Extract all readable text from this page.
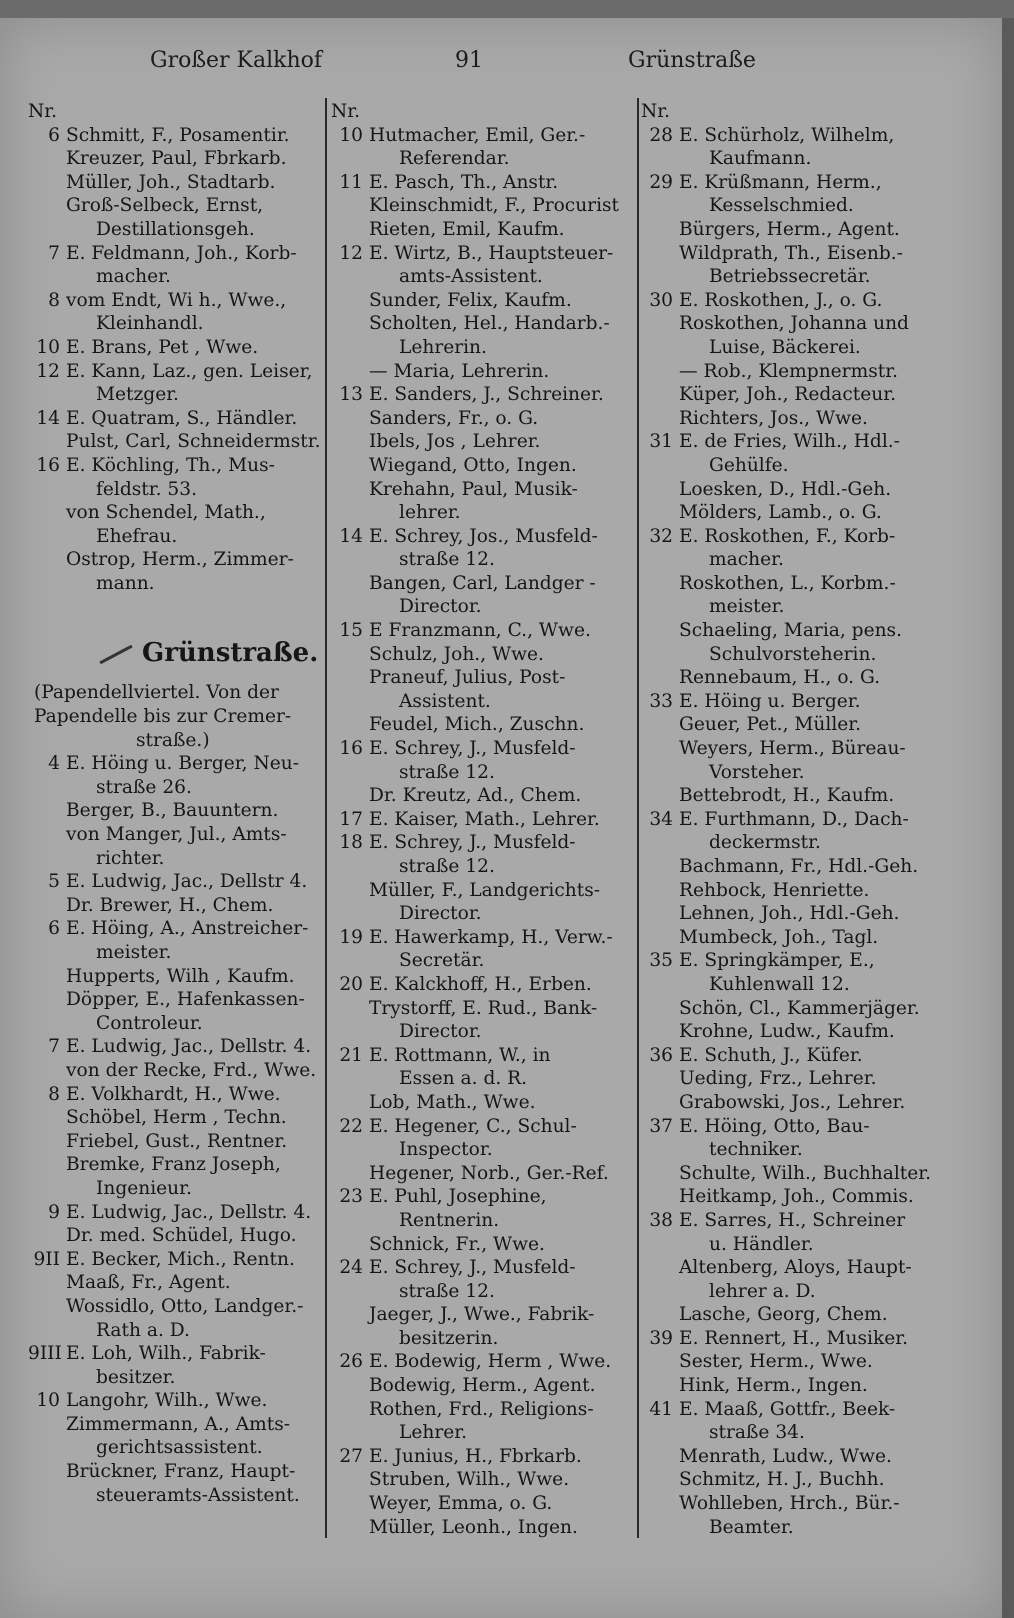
Großer Kalkhof	91	Grünstraße
Nr.
6 Schmitt, F., Posamentir.
Kreuzer, Paul, Fbrkarb.
Müller, Joh., Stadtarb.
Groß-Selbeck, Ernst,
Destillationsgeh.
7 E. Feldmann, Joh., Korb-
macher.
8 vom Endt, Wi h., Wwe.,
Kleinhandl.
10 E. Brans, Pet , Wwe.
12 E. Kann, Laz., gen. Leiser,
Metzger.
14 E. Quatram, S., Händler.
Pulst, Carl, Schneidermstr.
16 E. Köchling, Th., Mus-
feldstr. 53.
von Schendel, Math.,
Ehefrau.
Ostrop, Herm., Zimmer-
mann.
Grünstraße.
(Papendellviertel. Von der
Papendelle bis zur Cremer-
straße.)
4 E. Höing u. Berger, Neu-
straße 26.
Berger, B., Bauuntern.
von Manger, Jul., Amts-
richter.
5 E. Ludwig, Jac., Dellstr 4.
Dr. Brewer, H., Chem.
6 E. Höing, A., Anstreicher-
meister.
Hupperts, Wilh , Kaufm.
Döpper, E., Hafenkassen-
Controleur.
7 E. Ludwig, Jac., Dellstr. 4.
von der Recke, Frd., Wwe.
8 E. Volkhardt, H., Wwe.
Schöbel, Herm , Techn.
Friebel, Gust., Rentner.
Bremke, Franz Joseph,
Ingenieur.
9 E. Ludwig, Jac., Dellstr. 4.
Dr. med. Schüdel, Hugo.
9II E. Becker, Mich., Rentn.
Maaß, Fr., Agent.
Wossidlo, Otto, Landger.-
Rath a. D.
9III E. Loh, Wilh., Fabrik-
besitzer.
10 Langohr, Wilh., Wwe.
Zimmermann, A., Amts-
gerichtsassistent.
Brückner, Franz, Haupt-
steueramts-Assistent.
Nr.
10 Hutmacher, Emil, Ger.-
Referendar.
11 E. Pasch, Th., Anstr.
Kleinschmidt, F., Procurist
Rieten, Emil, Kaufm.
12 E. Wirtz, B., Hauptsteuer-
amts-Assistent.
Sunder, Felix, Kaufm.
Scholten, Hel., Handarb.-
Lehrerin.
— Maria, Lehrerin.
13 E. Sanders, J., Schreiner.
Sanders, Fr., o. G.
Ibels, Jos , Lehrer.
Wiegand, Otto, Ingen.
Krehahn, Paul, Musik-
lehrer.
14 E. Schrey, Jos., Musfeld-
straße 12.
Bangen, Carl, Landger -
Director.
15 E Franzmann, C., Wwe.
Schulz, Joh., Wwe.
Praneuf, Julius, Post-
Assistent.
Feudel, Mich., Zuschn.
16 E. Schrey, J., Musfeld-
straße 12.
Dr. Kreutz, Ad., Chem.
17 E. Kaiser, Math., Lehrer.
18 E. Schrey, J., Musfeld-
straße 12.
Müller, F., Landgerichts-
Director.
19 E. Hawerkamp, H., Verw.-
Secretär.
20 E. Kalckhoff, H., Erben.
Trystorff, E. Rud., Bank-
Director.
21 E. Rottmann, W., in
Essen a. d. R.
Lob, Math., Wwe.
22 E. Hegener, C., Schul-
Inspector.
Hegener, Norb., Ger.-Ref.
23 E. Puhl, Josephine,
Rentnerin.
Schnick, Fr., Wwe.
24 E. Schrey, J., Musfeld-
straße 12.
Jaeger, J., Wwe., Fabrik-
besitzerin.
26 E. Bodewig, Herm , Wwe.
Bodewig, Herm., Agent.
Rothen, Frd., Religions-
Lehrer.
27 E. Junius, H., Fbrkarb.
Struben, Wilh., Wwe.
Weyer, Emma, o. G.
Müller, Leonh., Ingen.
Nr.
28 E. Schürholz, Wilhelm,
Kaufmann.
29 E. Krüßmann, Herm.,
Kesselschmied.
Bürgers, Herm., Agent.
Wildprath, Th., Eisenb.-
Betriebssecretär.
30 E. Roskothen, J., o. G.
Roskothen, Johanna und
Luise, Bäckerei.
— Rob., Klempnermstr.
Küper, Joh., Redacteur.
Richters, Jos., Wwe.
31 E. de Fries, Wilh., Hdl.-
Gehülfe.
Loesken, D., Hdl.-Geh.
Mölders, Lamb., o. G.
32 E. Roskothen, F., Korb-
macher.
Roskothen, L., Korbm.-
meister.
Schaeling, Maria, pens.
Schulvorsteherin.
Rennebaum, H., o. G.
33 E. Höing u. Berger.
Geuer, Pet., Müller.
Weyers, Herm., Büreau-
Vorsteher.
Bettebrodt, H., Kaufm.
34 E. Furthmann, D., Dach-
deckermstr.
Bachmann, Fr., Hdl.-Geh.
Rehbock, Henriette.
Lehnen, Joh., Hdl.-Geh.
Mumbeck, Joh., Tagl.
35 E. Springkämper, E.,
Kuhlenwall 12.
Schön, Cl., Kammerjäger.
Krohne, Ludw., Kaufm.
36 E. Schuth, J., Küfer.
Ueding, Frz., Lehrer.
Grabowski, Jos., Lehrer.
37 E. Höing, Otto, Bau-
techniker.
Schulte, Wilh., Buchhalter.
Heitkamp, Joh., Commis.
38 E. Sarres, H., Schreiner
u. Händler.
Altenberg, Aloys, Haupt-
lehrer a. D.
Lasche, Georg, Chem.
39 E. Rennert, H., Musiker.
Sester, Herm., Wwe.
Hink, Herm., Ingen.
41 E. Maaß, Gottfr., Beek-
straße 34.
Menrath, Ludw., Wwe.
Schmitz, H. J., Buchh.
Wohlleben, Hrch., Bür.-
Beamter.
